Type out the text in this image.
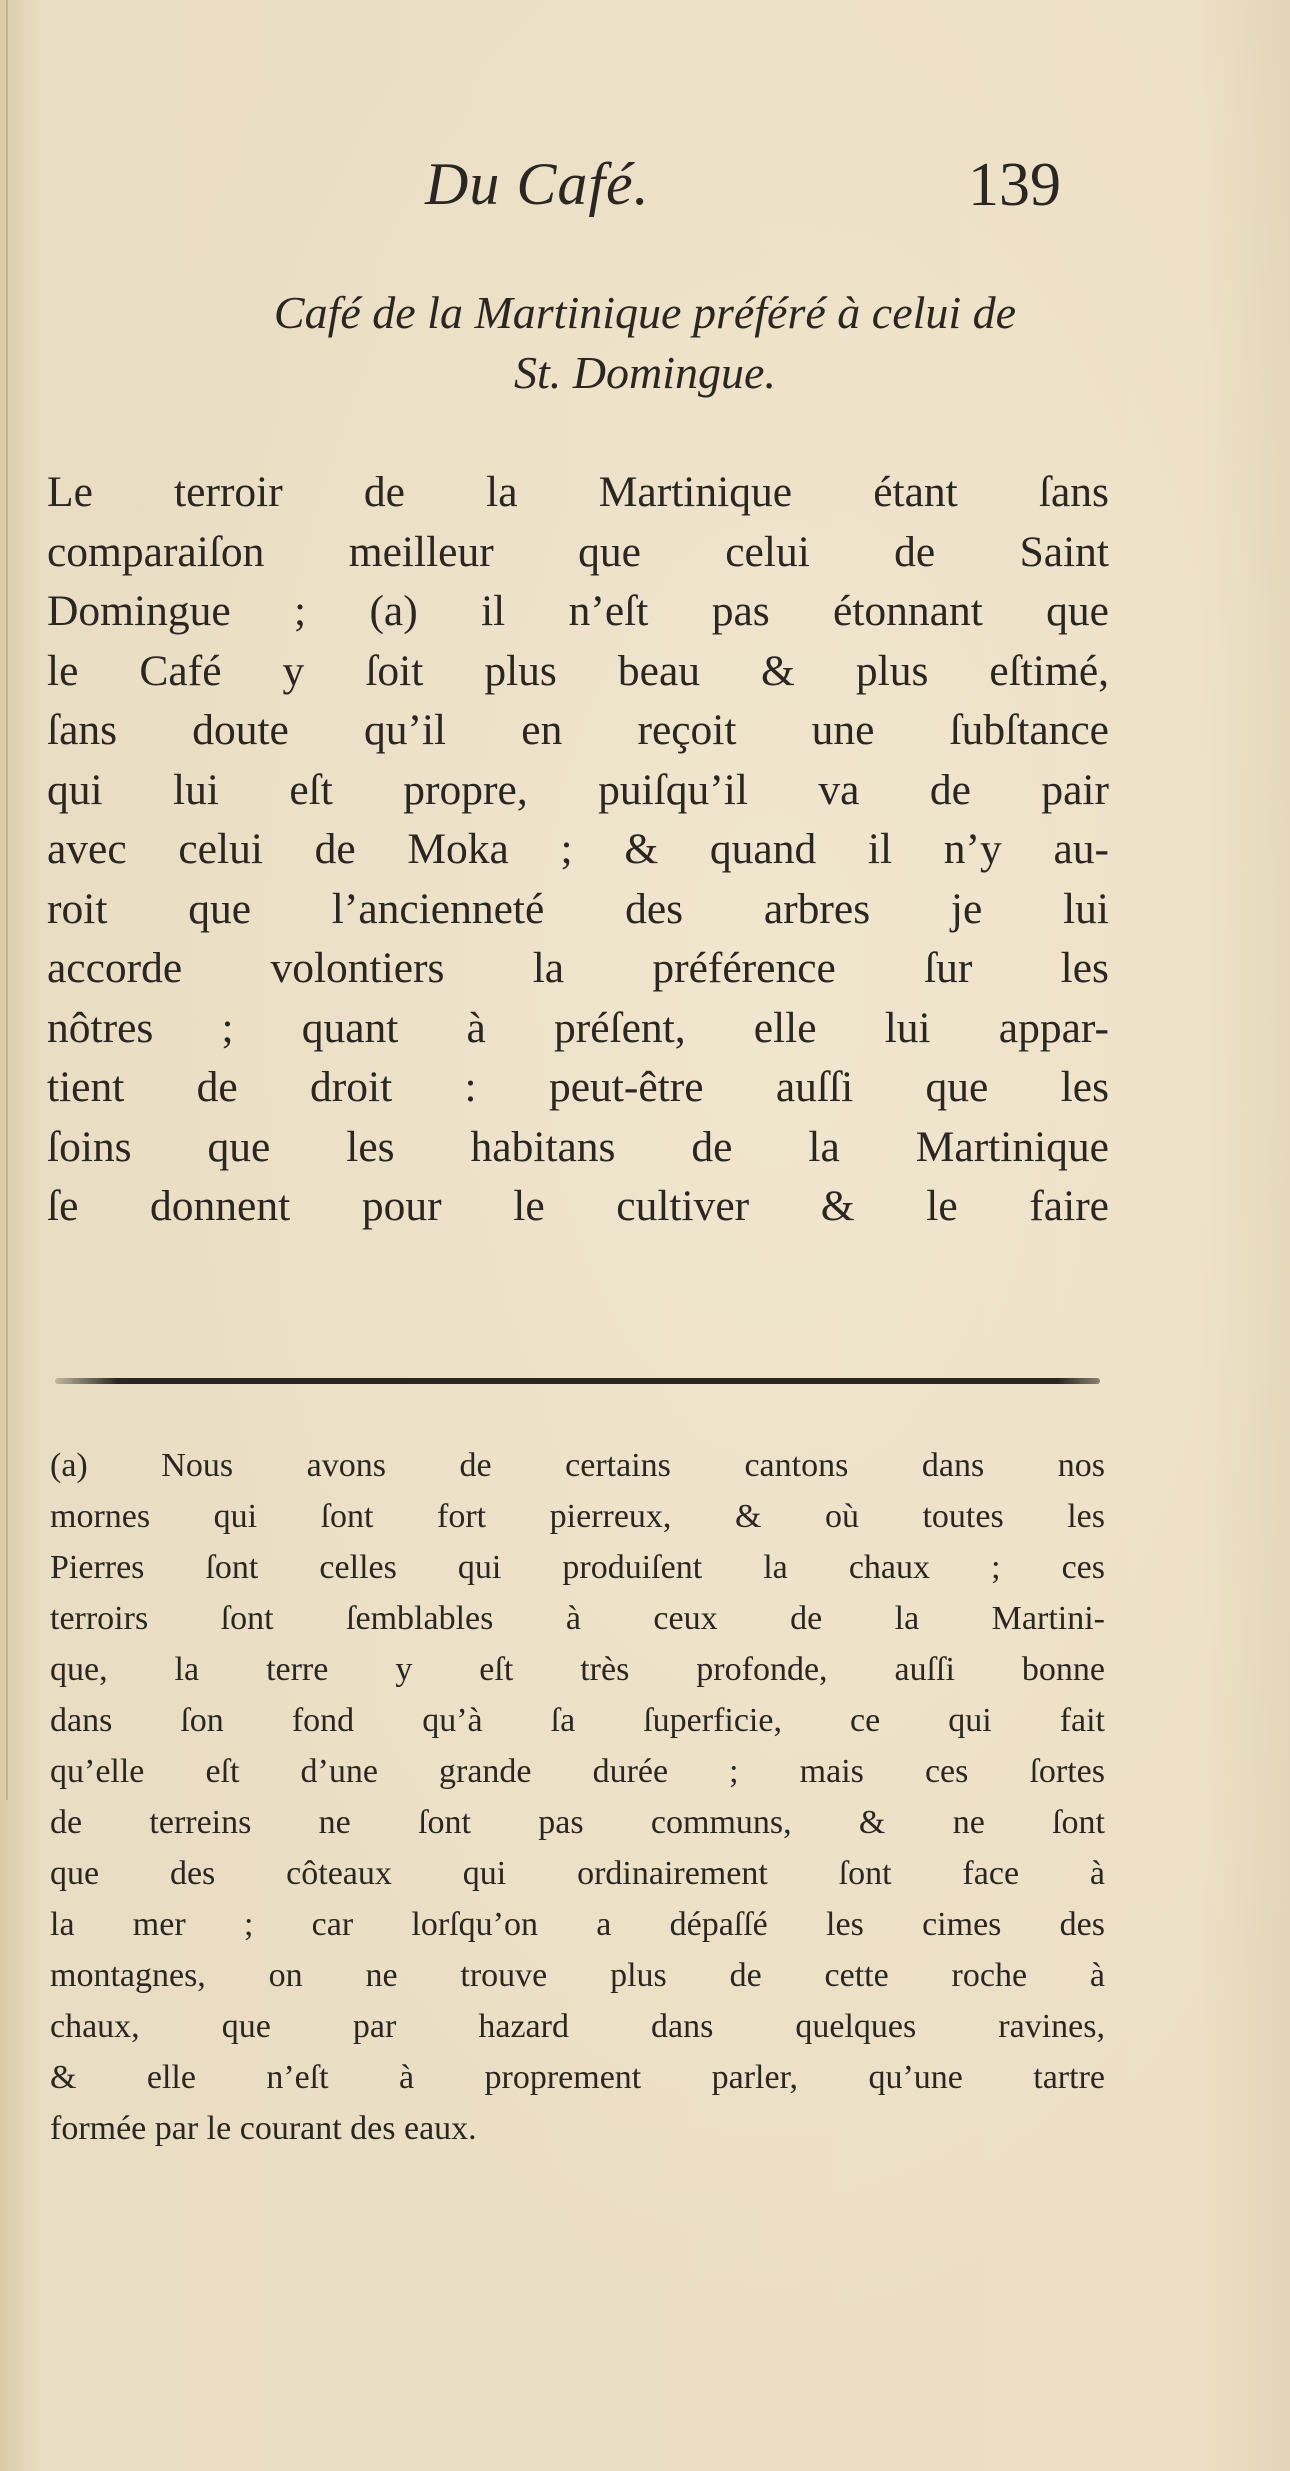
Du Café.	139
Café de la Martinique préféré à celui de
St. Domingue.
Le terroir de la Martinique étant ſans
comparaiſon meilleur que celui de Saint
Domingue ; (a) il n’eſt pas étonnant que
le Café y ſoit plus beau & plus eſtimé,
ſans doute qu’il en reçoit une ſubſtance
qui lui eſt propre, puiſqu’il va de pair
avec celui de Moka ; & quand il n’y au-
roit que l’ancienneté des arbres je lui
accorde volontiers la préférence ſur les
nôtres ; quant à préſent, elle lui appar-
tient de droit : peut-être auſſi que les
ſoins que les habitans de la Martinique
ſe donnent pour le cultiver & le faire
(a) Nous avons de certains cantons dans nos
mornes qui ſont fort pierreux, & où toutes les
Pierres ſont celles qui produiſent la chaux ; ces
terroirs ſont ſemblables à ceux de la Martini-
que, la terre y eſt très profonde, auſſi bonne
dans ſon fond qu’à ſa ſuperficie, ce qui fait
qu’elle eſt d’une grande durée ; mais ces ſortes
de terreins ne ſont pas communs, & ne ſont
que des côteaux qui ordinairement ſont face à
la mer ; car lorſqu’on a dépaſſé les cimes des
montagnes, on ne trouve plus de cette roche à
chaux, que par hazard dans quelques ravines,
& elle n’eſt à proprement parler, qu’une tartre
formée par le courant des eaux.
